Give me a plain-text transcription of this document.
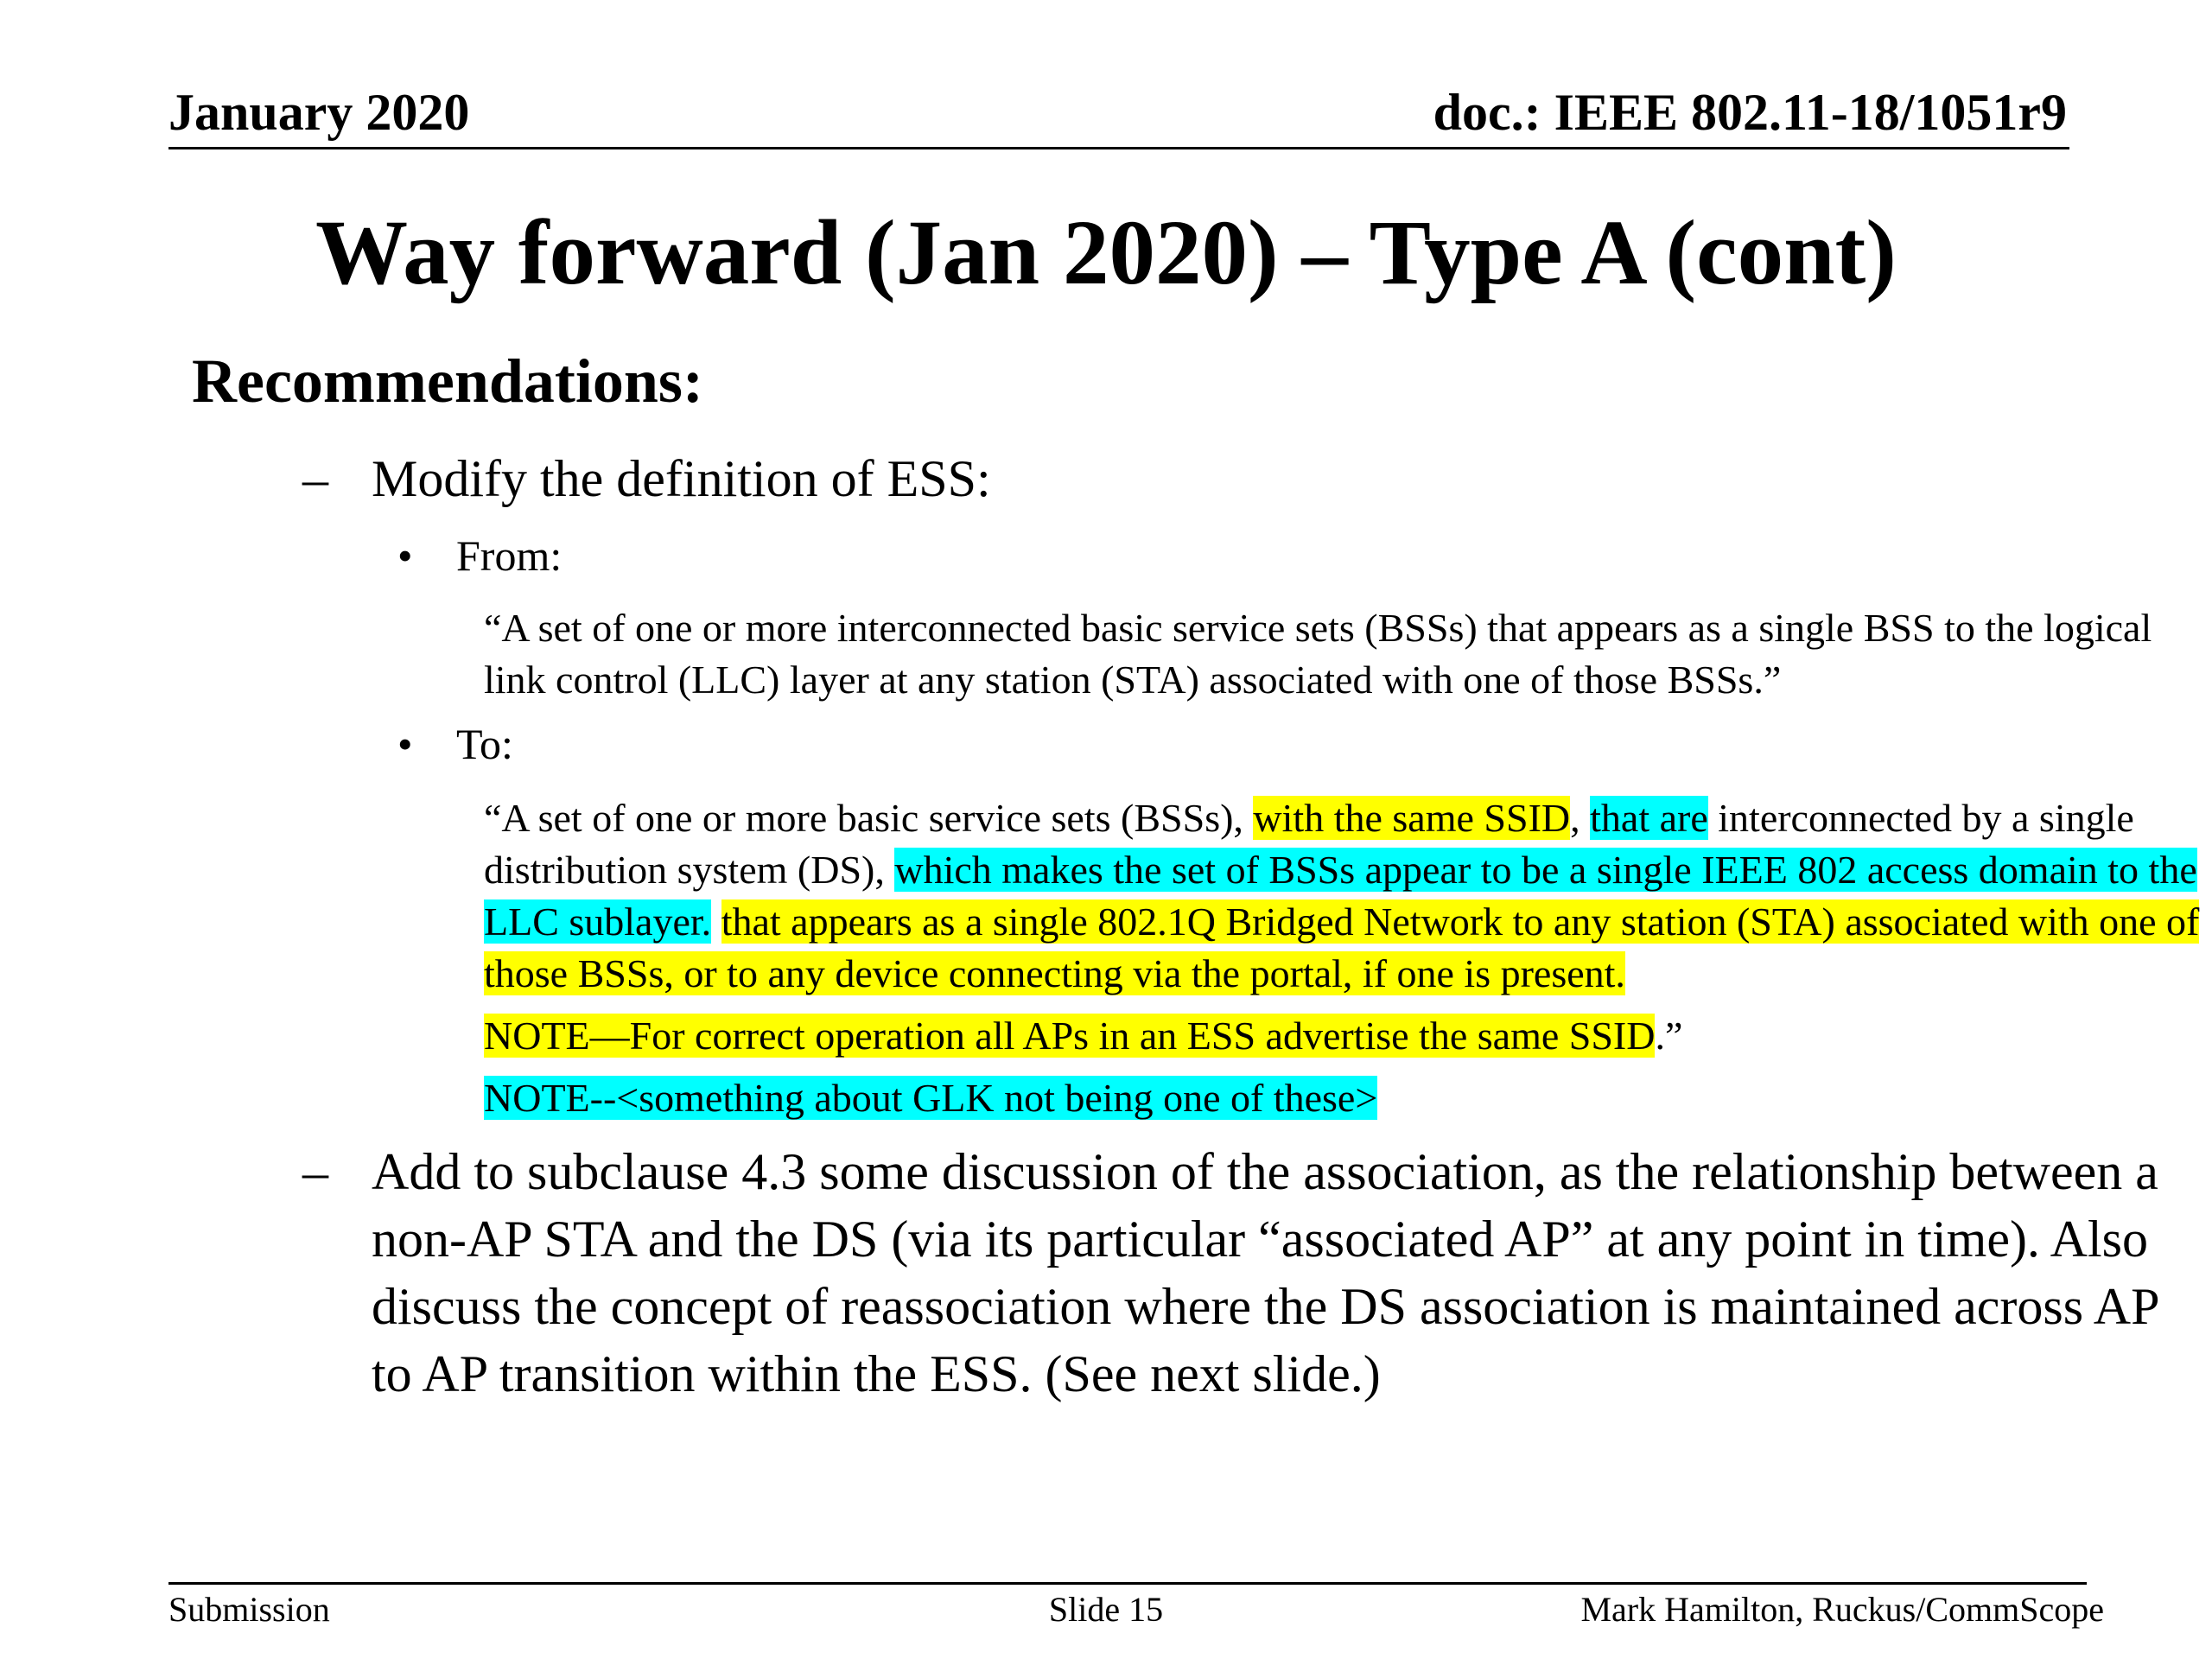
January 2020	doc.: IEEE 802.11-18/1051r9
Way forward (Jan 2020) – Type A (cont)
Recommendations:
– Modify the definition of ESS:
• From:
“A set of one or more interconnected basic service sets (BSSs) that appears as a single BSS to the logical link control (LLC) layer at any station (STA) associated with one of those BSSs.”
• To:
“A set of one or more basic service sets (BSSs), with the same SSID, that are interconnected by a single distribution system (DS), which makes the set of BSSs appear to be a single IEEE 802 access domain to the LLC sublayer. that appears as a single 802.1Q Bridged Network to any station (STA) associated with one of those BSSs, or to any device connecting via the portal, if one is present.
NOTE—For correct operation all APs in an ESS advertise the same SSID.”
NOTE--<something about GLK not being one of these>
– Add to subclause 4.3 some discussion of the association, as the relationship between a non-AP STA and the DS (via its particular “associated AP” at any point in time). Also discuss the concept of reassociation where the DS association is maintained across AP to AP transition within the ESS. (See next slide.)
Submission	Slide 15	Mark Hamilton, Ruckus/CommScope
